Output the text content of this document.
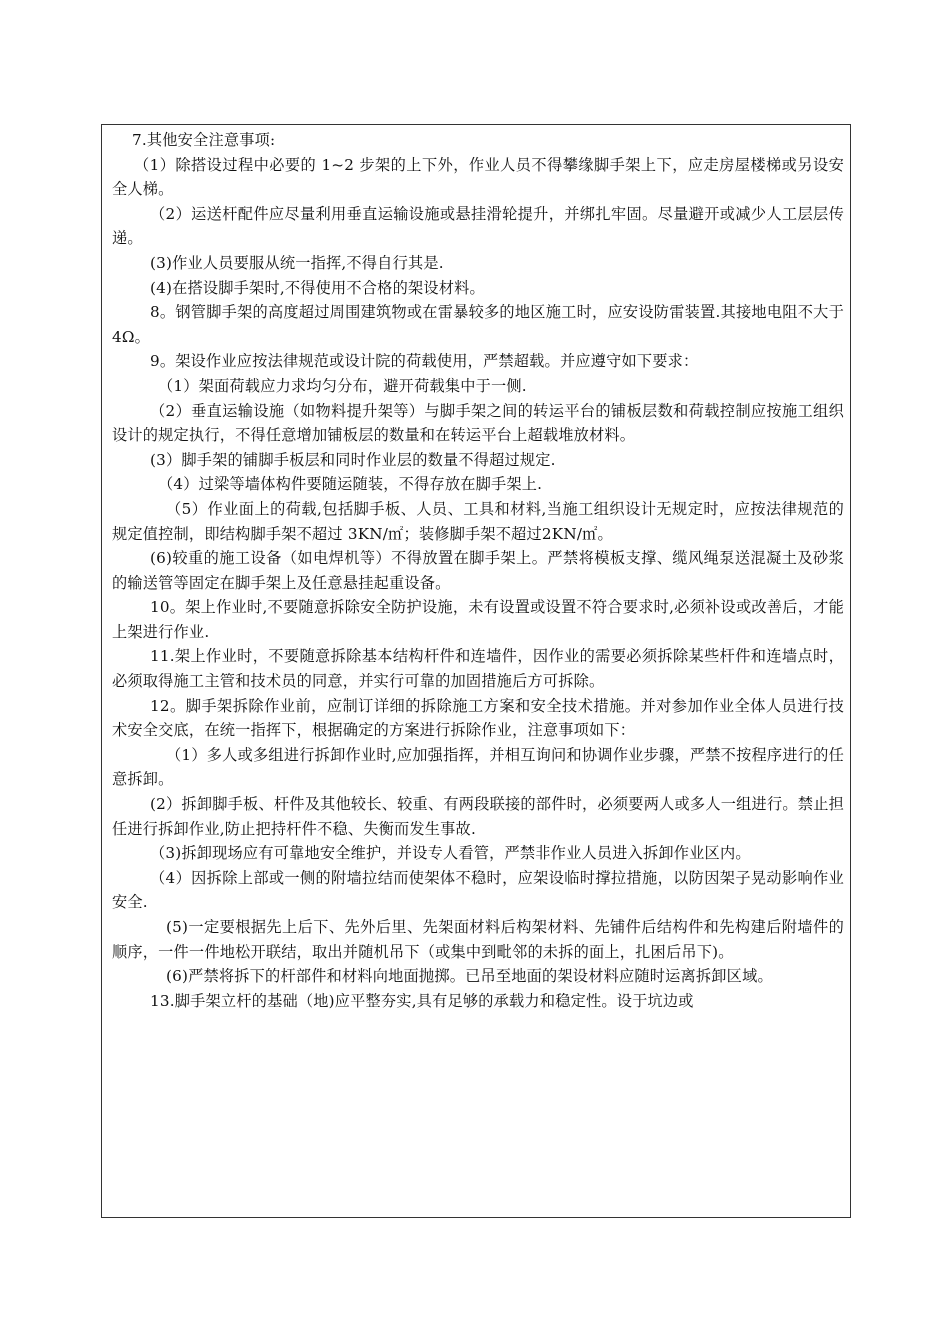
7.其他安全注意事项:

（1）除搭设过程中必要的 1~2 步架的上下外，作业人员不得攀缘脚手架上下，应走房屋楼梯或另设安全人梯。

（2）运送杆配件应尽量利用垂直运输设施或悬挂滑轮提升，并绑扎牢固。尽量避开或减少人工层层传递。

(3)作业人员要服从统一指挥,不得自行其是.

(4)在搭设脚手架时,不得使用不合格的架设材料。

8。钢管脚手架的高度超过周围建筑物或在雷暴较多的地区施工时，应安设防雷装置.其接地电阻不大于4Ω。

9。架设作业应按法律规范或设计院的荷载使用，严禁超载。并应遵守如下要求：

（1）架面荷载应力求均匀分布，避开荷载集中于一侧.

（2）垂直运输设施（如物料提升架等）与脚手架之间的转运平台的铺板层数和荷载控制应按施工组织设计的规定执行，不得任意增加铺板层的数量和在转运平台上超载堆放材料。

(3）脚手架的铺脚手板层和同时作业层的数量不得超过规定.

（4）过梁等墙体构件要随运随装，不得存放在脚手架上.

（5）作业面上的荷载,包括脚手板、人员、工具和材料,当施工组织设计无规定时，应按法律规范的规定值控制，即结构脚手架不超过 3KN/㎡；装修脚手架不超过2KN/㎡。

(6)较重的施工设备（如电焊机等）不得放置在脚手架上。严禁将模板支撑、缆风绳泵送混凝土及砂浆的输送管等固定在脚手架上及任意悬挂起重设备。

10。架上作业时,不要随意拆除安全防护设施，未有设置或设置不符合要求时,必须补设或改善后，才能上架进行作业.

11.架上作业时，不要随意拆除基本结构杆件和连墙件，因作业的需要必须拆除某些杆件和连墙点时，必须取得施工主管和技术员的同意，并实行可靠的加固措施后方可拆除。

12。脚手架拆除作业前，应制订详细的拆除施工方案和安全技术措施。并对参加作业全体人员进行技术安全交底，在统一指挥下，根据确定的方案进行拆除作业，注意事项如下：

（1）多人或多组进行拆卸作业时,应加强指挥，并相互询问和协调作业步骤，严禁不按程序进行的任意拆卸。

(2）拆卸脚手板、杆件及其他较长、较重、有两段联接的部件时，必须要两人或多人一组进行。禁止担任进行拆卸作业,防止把持杆件不稳、失衡而发生事故.

（3)拆卸现场应有可靠地安全维护，并设专人看管，严禁非作业人员进入拆卸作业区内。

（4）因拆除上部或一侧的附墙拉结而使架体不稳时，应架设临时撑拉措施，以防因架子晃动影响作业安全.

(5)一定要根据先上后下、先外后里、先架面材料后构架材料、先铺件后结构件和先构建后附墙件的顺序，一件一件地松开联结，取出并随机吊下（或集中到毗邻的未拆的面上，扎困后吊下)。

(6)严禁将拆下的杆部件和材料向地面抛掷。已吊至地面的架设材料应随时运离拆卸区域。

13.脚手架立杆的基础（地)应平整夯实,具有足够的承载力和稳定性。设于坑边或
